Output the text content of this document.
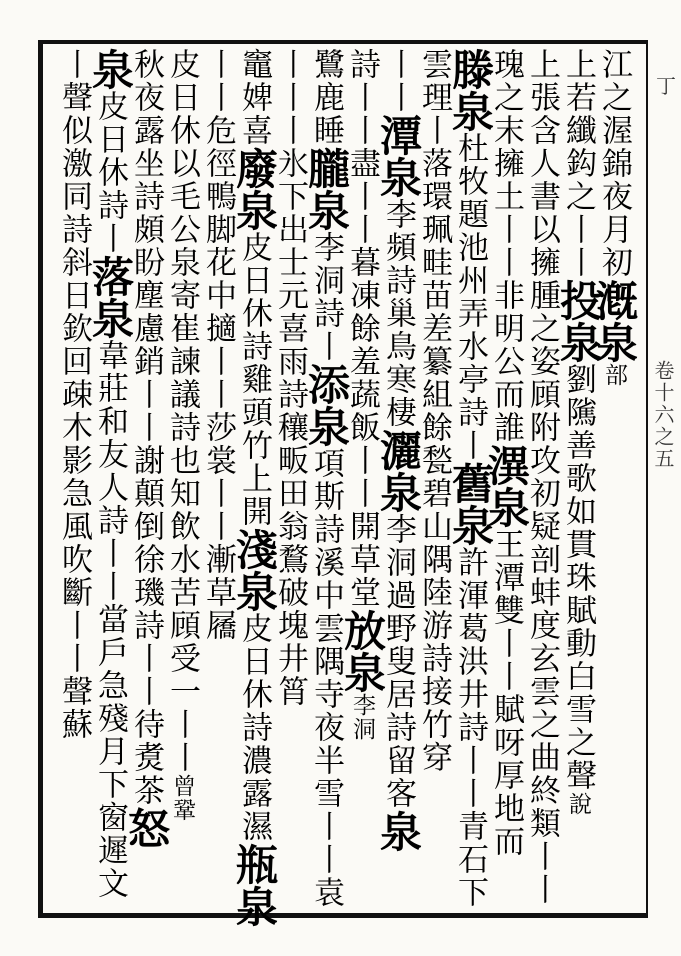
丁
卷十六之五
江之渥錦夜月初漑泉部
上若纖鈎之丨丨投泉劉隲善歌如貫珠賦動白雪之聲說
上張含人書以擁腫之姿頋附攻初疑剖蚌度玄雲之曲終類丨丨
瑰之末擁土丨丨非明公而誰潩泉王潭雙丨丨賦呀厚地而
滕泉杜牧題池州弄水亭詩丨舊泉許渾葛洪井詩丨丨青石下
雲理丨落環珮畦苗差纂組餘甃碧山隅陸游詩接竹穿
丨丨潭泉李頻詩巢鳥寒棲灑泉李洞過野叟居詩留客泉
詩丨丨盡丨丨暮凍餘羞蔬飯丨丨開草堂放泉李洞
鷺鹿睡朧泉李洞詩丨添泉項斯詩溪中雲隅寺夜半雪丨丨袁
丨丨丨氷下出士元喜雨詩穰畈田翁鶩破塊井筲
竈婢喜廢泉皮日休詩雞頭竹上開淺泉皮日休詩濃露濕瓶泉
丨丨危徑鴨脚花中擿丨丨莎裳丨丨漸草屩
皮日休以毛公泉寄崔諫議詩也知飲水苦頋受一丨丨曾鞏
秋夜露坐詩頗盼塵慮銷丨丨謝顛倒徐璣詩丨丨待煑茶怒
泉皮日休詩丨落泉韋莊和友人詩丨丨當戶急殘月下窗遲文
丨聲似激同詩斜日欽回疎木影急風吹斷丨丨聲蘇
